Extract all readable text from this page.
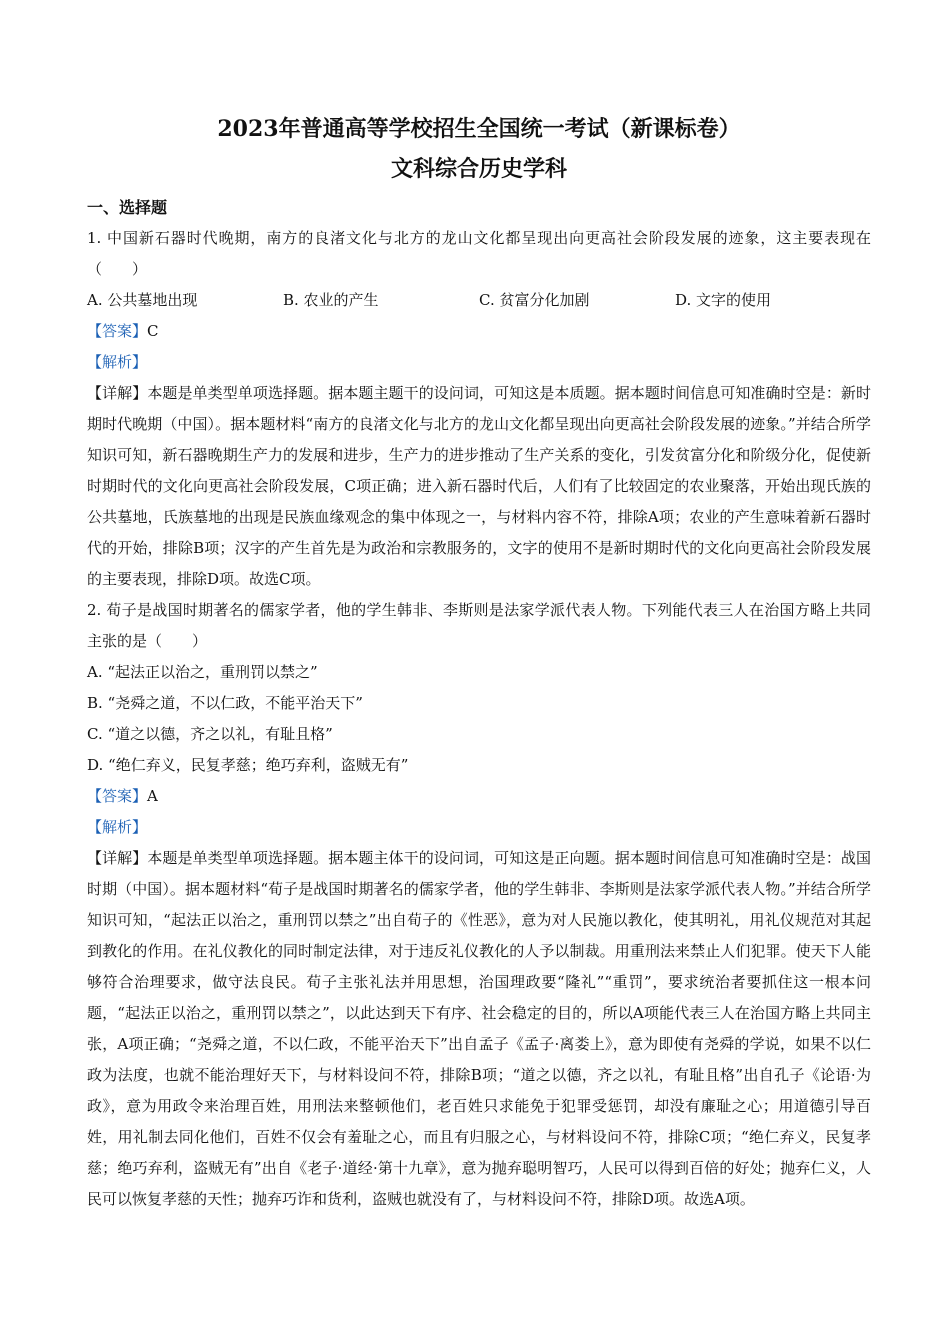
2023年普通高等学校招生全国统一考试（新课标卷）

文科综合历史学科

一、选择题

1. 中国新石器时代晚期，南方的良渚文化与北方的龙山文化都呈现出向更高社会阶段发展的迹象，这主要表现在（　　）

A. 公共墓地出现	B. 农业的产生	C. 贫富分化加剧	D. 文字的使用

【答案】C

【解析】

【详解】本题是单类型单项选择题。据本题主题干的设问词，可知这是本质题。据本题时间信息可知准确时空是：新时期时代晚期（中国）。据本题材料“南方的良渚文化与北方的龙山文化都呈现出向更高社会阶段发展的迹象。”并结合所学知识可知，新石器晚期生产力的发展和进步，生产力的进步推动了生产关系的变化，引发贫富分化和阶级分化，促使新时期时代的文化向更高社会阶段发展，C项正确；进入新石器时代后，人们有了比较固定的农业聚落，开始出现氏族的公共墓地，氏族墓地的出现是民族血缘观念的集中体现之一，与材料内容不符，排除A项；农业的产生意味着新石器时代的开始，排除B项；汉字的产生首先是为政治和宗教服务的，文字的使用不是新时期时代的文化向更高社会阶段发展的主要表现，排除D项。故选C项。

2. 荀子是战国时期著名的儒家学者，他的学生韩非、李斯则是法家学派代表人物。下列能代表三人在治国方略上共同主张的是（　　）

A. “起法正以治之，重刑罚以禁之”

B. “尧舜之道，不以仁政，不能平治天下”

C. “道之以德，齐之以礼，有耻且格”

D. “绝仁弃义，民复孝慈；绝巧弃利，盗贼无有”

【答案】A

【解析】

【详解】本题是单类型单项选择题。据本题主体干的设问词，可知这是正向题。据本题时间信息可知准确时空是：战国时期（中国）。据本题材料“荀子是战国时期著名的儒家学者，他的学生韩非、李斯则是法家学派代表人物。”并结合所学知识可知，“起法正以治之，重刑罚以禁之”出自荀子的《性恶》，意为对人民施以教化，使其明礼，用礼仪规范对其起到教化的作用。在礼仪教化的同时制定法律，对于违反礼仪教化的人予以制裁。用重刑法来禁止人们犯罪。使天下人能够符合治理要求，做守法良民。荀子主张礼法并用思想，治国理政要“隆礼”“重罚”，要求统治者要抓住这一根本问题，“起法正以治之，重刑罚以禁之”，以此达到天下有序、社会稳定的目的，所以A项能代表三人在治国方略上共同主张，A项正确；“尧舜之道，不以仁政，不能平治天下”出自孟子《孟子·离娄上》，意为即使有尧舜的学说，如果不以仁政为法度，也就不能治理好天下，与材料设问不符，排除B项；“道之以德，齐之以礼，有耻且格”出自孔子《论语·为政》，意为用政令来治理百姓，用刑法来整顿他们，老百姓只求能免于犯罪受惩罚，却没有廉耻之心；用道德引导百姓，用礼制去同化他们，百姓不仅会有羞耻之心，而且有归服之心，与材料设问不符，排除C项；“绝仁弃义，民复孝慈；绝巧弃利，盗贼无有”出自《老子·道经·第十九章》，意为抛弃聪明智巧，人民可以得到百倍的好处；抛弃仁义，人民可以恢复孝慈的天性；抛弃巧诈和货利，盗贼也就没有了，与材料设问不符，排除D项。故选A项。
